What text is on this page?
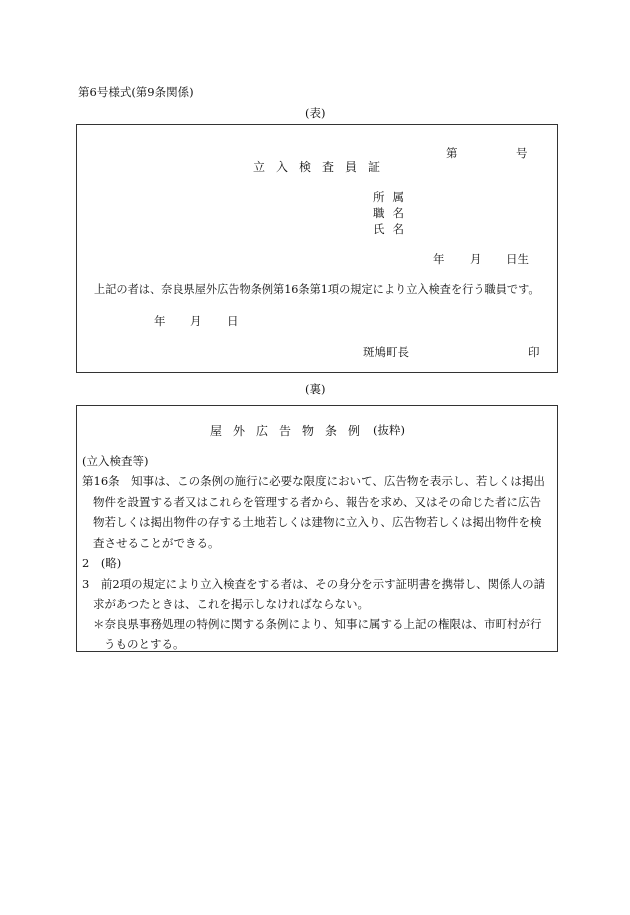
第6号様式(第9条関係)
(表)
第	号
立入検査員証
所属
職名
氏名
年 月 日生
上記の者は、奈良県屋外広告物条例第16条第1項の規定により立入検査を行う職員です。
年 月 日
斑鳩町長	印
(裏)
屋外広告物条例 (抜粋)
(立入検査等)
第16条　知事は、この条例の施行に必要な限度において、広告物を表示し、若しくは掲出
物件を設置する者又はこれらを管理する者から、報告を求め、又はその命じた者に広告
物若しくは掲出物件の存する土地若しくは建物に立入り、広告物若しくは掲出物件を検
査させることができる。
2　(略)
3　前2項の規定により立入検査をする者は、その身分を示す証明書を携帯し、関係人の請
求があつたときは、これを掲示しなければならない。
＊奈良県事務処理の特例に関する条例により、知事に属する上記の権限は、市町村が行
うものとする。
